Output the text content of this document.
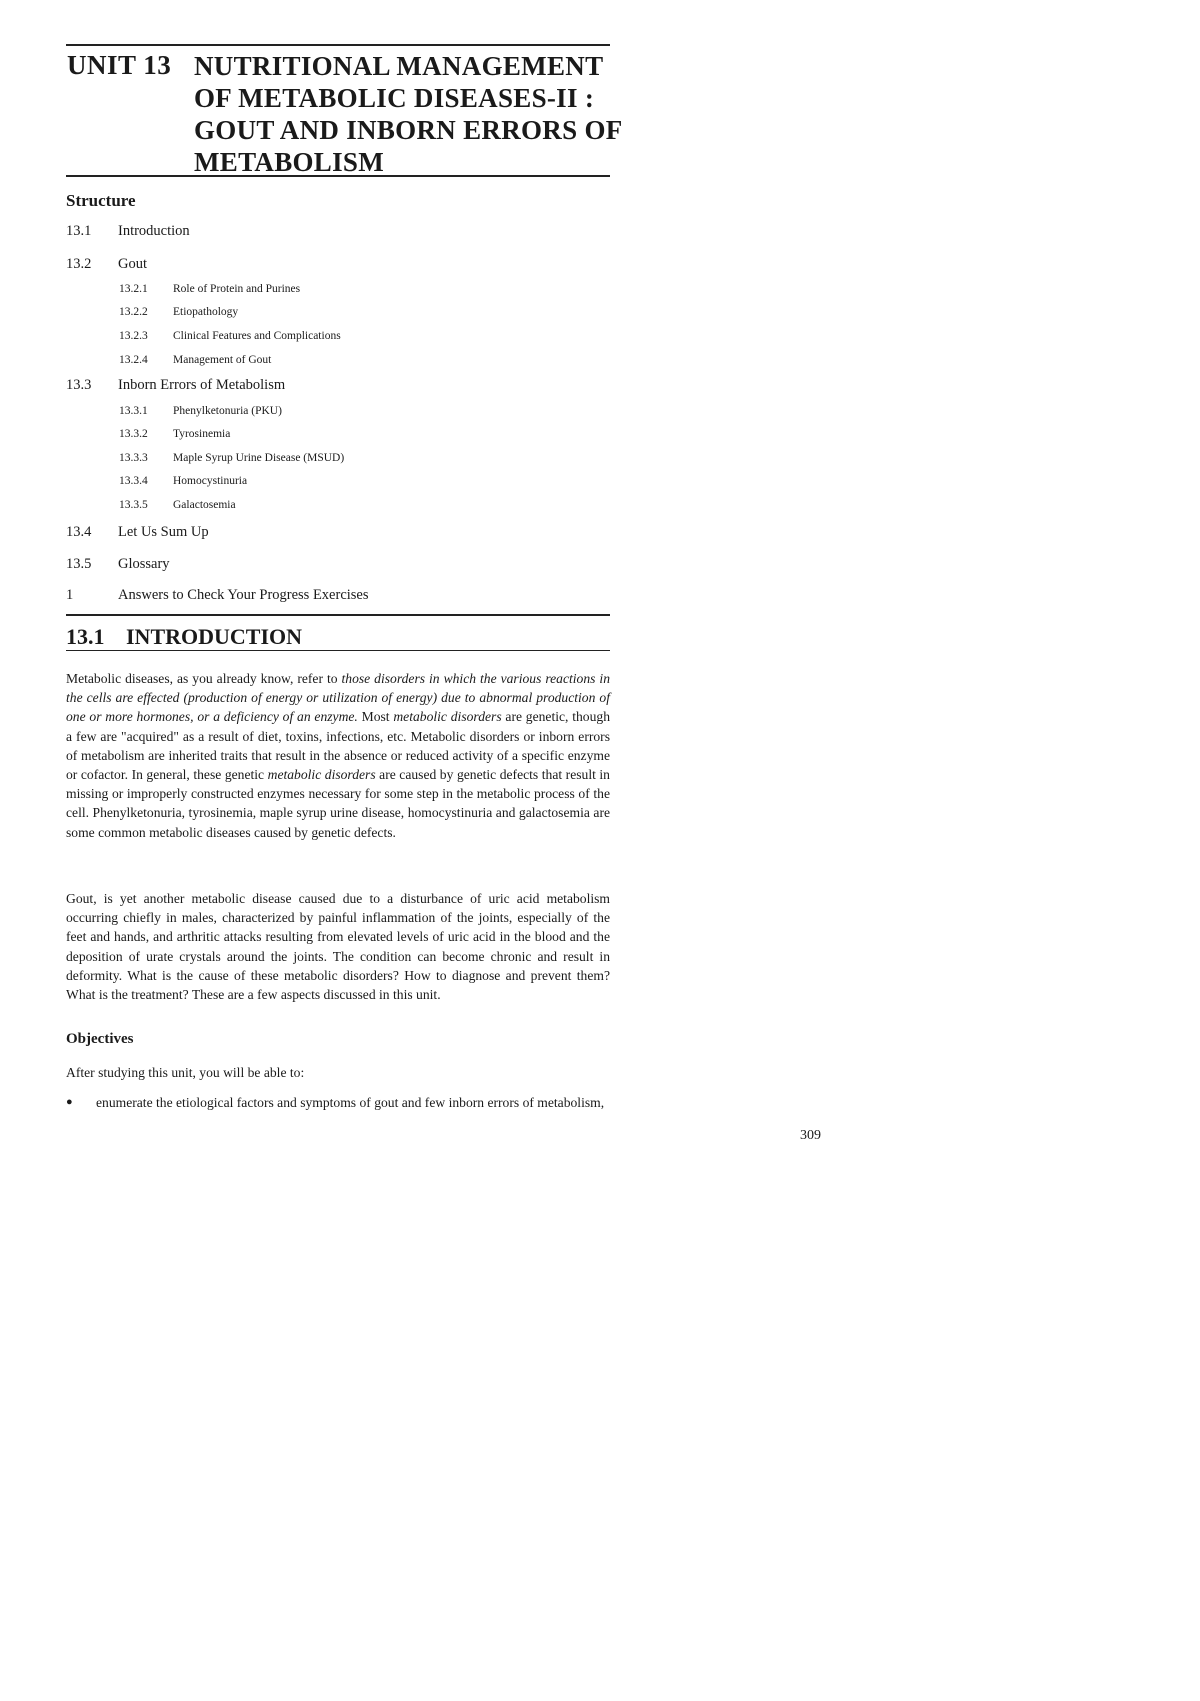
UNIT 13 NUTRITIONAL MANAGEMENT
OF METABOLIC DISEASES-II :
GOUT AND INBORN ERRORS OF
METABOLISM
Structure
13.1 Introduction
13.2 Gout
13.2.1 Role of Protein and Purines
13.2.2 Etiopathology
13.2.3 Clinical Features and Complications
13.2.4 Management of Gout
13.3 Inborn Errors of Metabolism
13.3.1 Phenylketonuria (PKU)
13.3.2 Tyrosinemia
13.3.3 Maple Syrup Urine Disease (MSUD)
13.3.4 Homocystinuria
13.3.5 Galactosemia
13.4 Let Us Sum Up
13.5 Glossary
1	Answers to Check Your Progress Exercises
13.1 INTRODUCTION
Metabolic diseases, as you already know, refer to those disorders in which the various reactions in the cells are effected (production of energy or utilization of energy) due to abnormal production of one or more hormones, or a deficiency of an enzyme. Most metabolic disorders are genetic, though a few are "acquired" as a result of diet, toxins, infections, etc. Metabolic disorders or inborn errors of metabolism are inherited traits that result in the absence or reduced activity of a specific enzyme or cofactor. In general, these genetic metabolic disorders are caused by genetic defects that result in missing or improperly constructed enzymes necessary for some step in the metabolic process of the cell. Phenylketonuria, tyrosinemia, maple syrup urine disease, homocystinuria and galactosemia are some common metabolic diseases caused by genetic defects.
Gout, is yet another metabolic disease caused due to a disturbance of uric acid metabolism occurring chiefly in males, characterized by painful inflammation of the joints, especially of the feet and hands, and arthritic attacks resulting from elevated levels of uric acid in the blood and the deposition of urate crystals around the joints. The condition can become chronic and result in deformity. What is the cause of these metabolic disorders? How to diagnose and prevent them? What is the treatment? These are a few aspects discussed in this unit.
Objectives
After studying this unit, you will be able to:
● enumerate the etiological factors and symptoms of gout and few inborn errors of metabolism,
309
